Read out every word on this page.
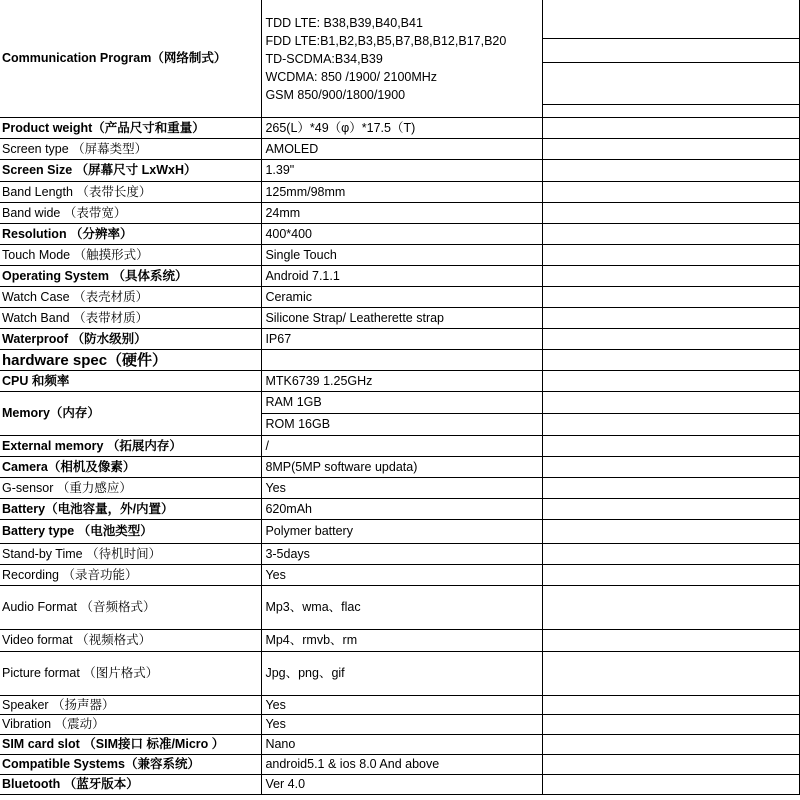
Communication Program（网络制式）	TDD LTE: B38,B39,B40,B41
FDD LTE:B1,B2,B3,B5,B7,B8,B12,B17,B20
TD-SCDMA:B34,B39
WCDMA: 850 /1900/ 2100MHz
GSM 850/900/1800/1900	

Product weight（产品尺寸和重量）	265(L）*49（φ）*17.5（T)	
Screen type （屏幕类型）	AMOLED	
Screen Size （屏幕尺寸 LxWxH）	1.39"	
Band Length （表带长度）	125mm/98mm	
Band wide （表带宽）	24mm	
Resolution （分辨率）	400*400	
Touch Mode （触摸形式）	Single Touch	
Operating System （具体系统）	Android 7.1.1	
Watch Case （表壳材质）	Ceramic	
Watch Band （表带材质）	Silicone Strap/ Leatherette strap	
Waterproof （防水级别）	IP67	
hardware spec（硬件）		
CPU 和频率	MTK6739 1.25GHz	
Memory（内存）	RAM 1GB	
	ROM 16GB	
External memory （拓展内存）	/	
Camera（相机及像素）	8MP(5MP software updata)	
G-sensor （重力感应）	Yes	
Battery（电池容量，外/内置）	620mAh	
Battery type （电池类型）	Polymer battery	
Stand-by Time （待机时间）	3-5days	
Recording （录音功能）	Yes	
Audio Format （音频格式）	Mp3、wma、flac	
Video format （视频格式）	Mp4、rmvb、rm	
Picture format （图片格式）	Jpg、png、gif	
Speaker （扬声器）	Yes	
Vibration （震动）	Yes	
SIM card slot （SIM接口 标准/Micro ）	Nano	
Compatible Systems（兼容系统）	android5.1 & ios 8.0 And above	
Bluetooth （蓝牙版本）	Ver 4.0	
